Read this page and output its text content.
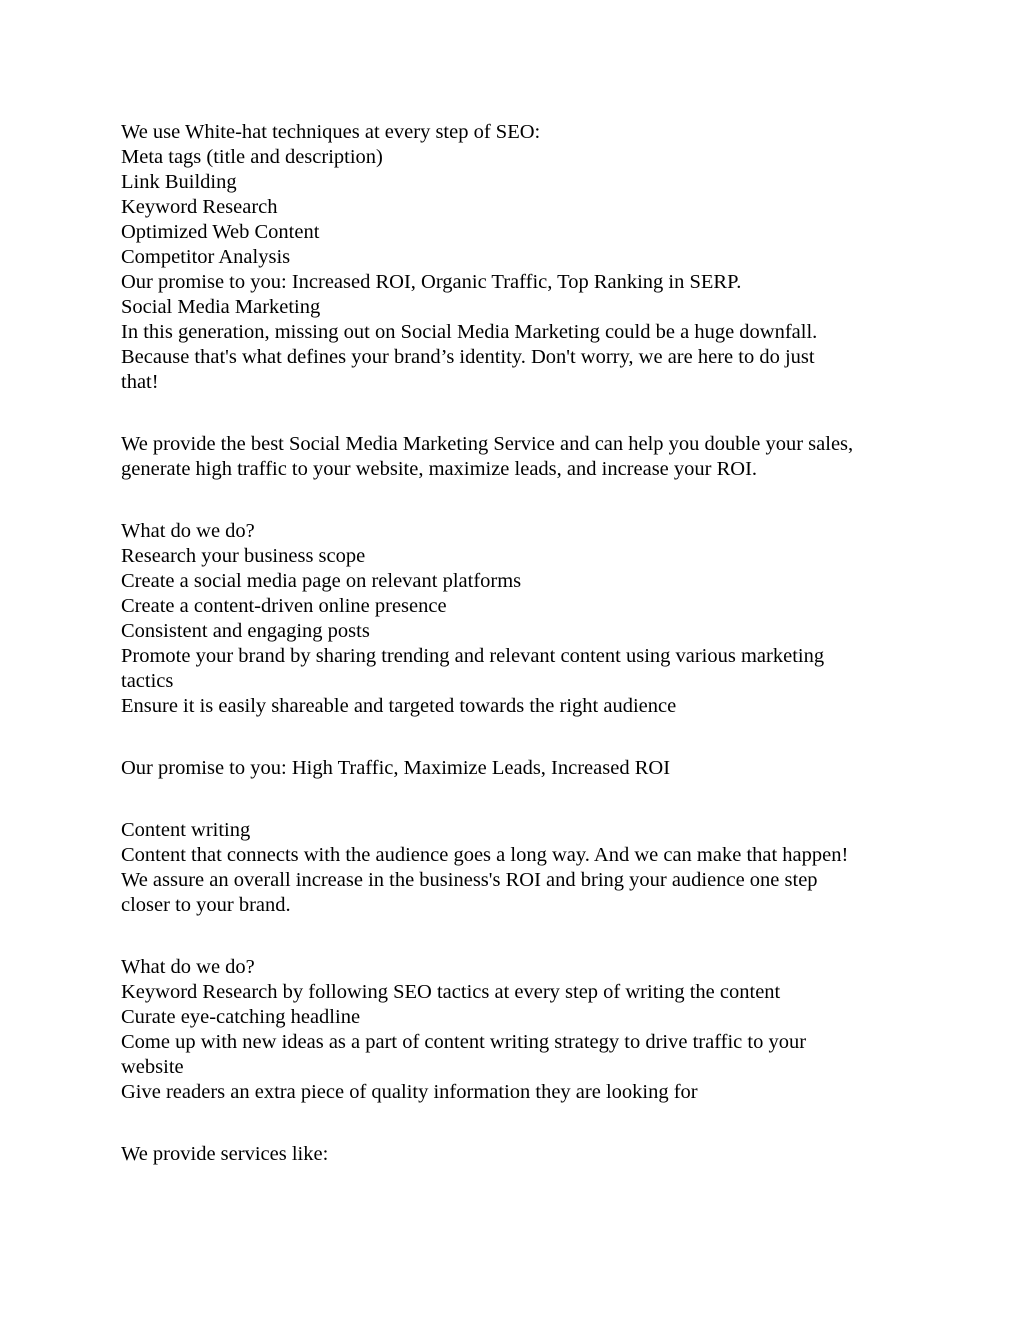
We use White-hat techniques at every step of SEO:
Meta tags (title and description)
Link Building
Keyword Research
Optimized Web Content
Competitor Analysis
Our promise to you: Increased ROI, Organic Traffic, Top Ranking in SERP.
Social Media Marketing
In this generation, missing out on Social Media Marketing could be a huge downfall.
Because that's what defines your brand’s identity. Don't worry, we are here to do just
that!
We provide the best Social Media Marketing Service and can help you double your sales,
generate high traffic to your website, maximize leads, and increase your ROI.
What do we do?
Research your business scope
Create a social media page on relevant platforms
Create a content-driven online presence
Consistent and engaging posts
Promote your brand by sharing trending and relevant content using various marketing
tactics
Ensure it is easily shareable and targeted towards the right audience
Our promise to you: High Traffic, Maximize Leads, Increased ROI
Content writing
Content that connects with the audience goes a long way. And we can make that happen!
We assure an overall increase in the business's ROI and bring your audience one step
closer to your brand.
What do we do?
Keyword Research by following SEO tactics at every step of writing the content
Curate eye-catching headline
Come up with new ideas as a part of content writing strategy to drive traffic to your
website
Give readers an extra piece of quality information they are looking for
We provide services like:
